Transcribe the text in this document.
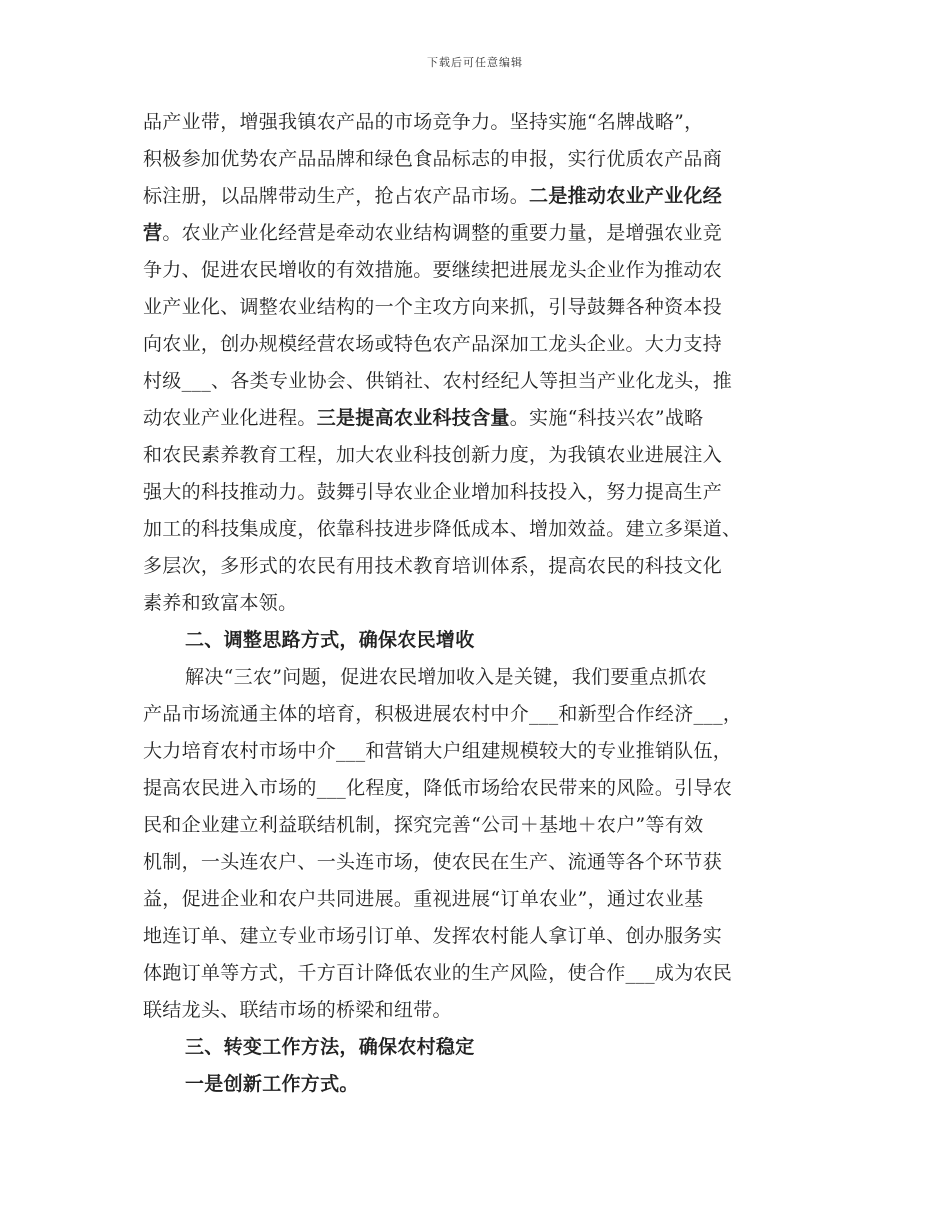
下载后可任意编辑
品产业带，增强我镇农产品的市场竞争力。坚持实施“名牌战略”，
积极参加优势农产品品牌和绿色食品标志的申报，实行优质农产品商
标注册，以品牌带动生产，抢占农产品市场。二是推动农业产业化经
营。农业产业化经营是牵动农业结构调整的重要力量，是增强农业竞
争力、促进农民增收的有效措施。要继续把进展龙头企业作为推动农
业产业化、调整农业结构的一个主攻方向来抓，引导鼓舞各种资本投
向农业，创办规模经营农场或特色农产品深加工龙头企业。大力支持
村级___、各类专业协会、供销社、农村经纪人等担当产业化龙头，推
动农业产业化进程。三是提高农业科技含量。实施“科技兴农”战略
和农民素养教育工程，加大农业科技创新力度，为我镇农业进展注入
强大的科技推动力。鼓舞引导农业企业增加科技投入，努力提高生产
加工的科技集成度，依靠科技进步降低成本、增加效益。建立多渠道、
多层次，多形式的农民有用技术教育培训体系，提高农民的科技文化
素养和致富本领。
二、调整思路方式，确保农民增收
解决“三农”问题，促进农民增加收入是关键，我们要重点抓农
产品市场流通主体的培育，积极进展农村中介___和新型合作经济___，
大力培育农村市场中介___和营销大户组建规模较大的专业推销队伍，
提高农民进入市场的___化程度，降低市场给农民带来的风险。引导农
民和企业建立利益联结机制，探究完善“公司＋基地＋农户”等有效
机制，一头连农户、一头连市场，使农民在生产、流通等各个环节获
益，促进企业和农户共同进展。重视进展“订单农业”，通过农业基
地连订单、建立专业市场引订单、发挥农村能人拿订单、创办服务实
体跑订单等方式，千方百计降低农业的生产风险，使合作___成为农民
联结龙头、联结市场的桥梁和纽带。
三、转变工作方法，确保农村稳定
一是创新工作方式。
